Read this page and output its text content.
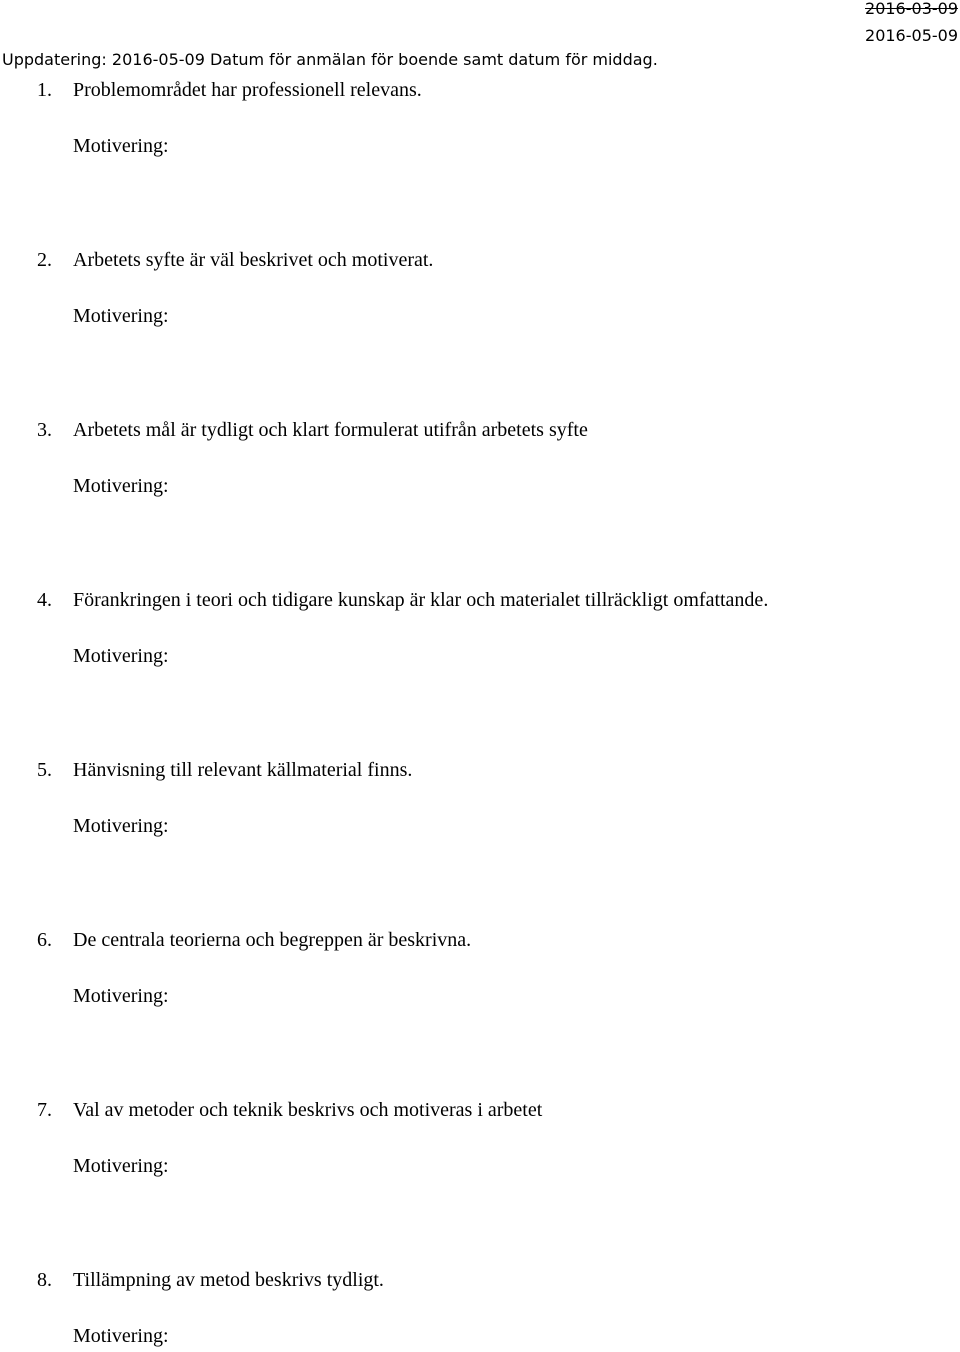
2016-03-09
2016-05-09
Uppdatering: 2016-05-09 Datum för anmälan för boende samt datum för middag.
1. Problemområdet har professionell relevans.
Motivering:
2. Arbetets syfte är väl beskrivet och motiverat.
Motivering:
3. Arbetets mål är tydligt och klart formulerat utifrån arbetets syfte
Motivering:
4. Förankringen i teori och tidigare kunskap är klar och materialet tillräckligt omfattande.
Motivering:
5. Hänvisning till relevant källmaterial finns.
Motivering:
6. De centrala teorierna och begreppen är beskrivna.
Motivering:
7. Val av metoder och teknik beskrivs och motiveras i arbetet
Motivering:
8. Tillämpning av metod beskrivs tydligt.
Motivering:
